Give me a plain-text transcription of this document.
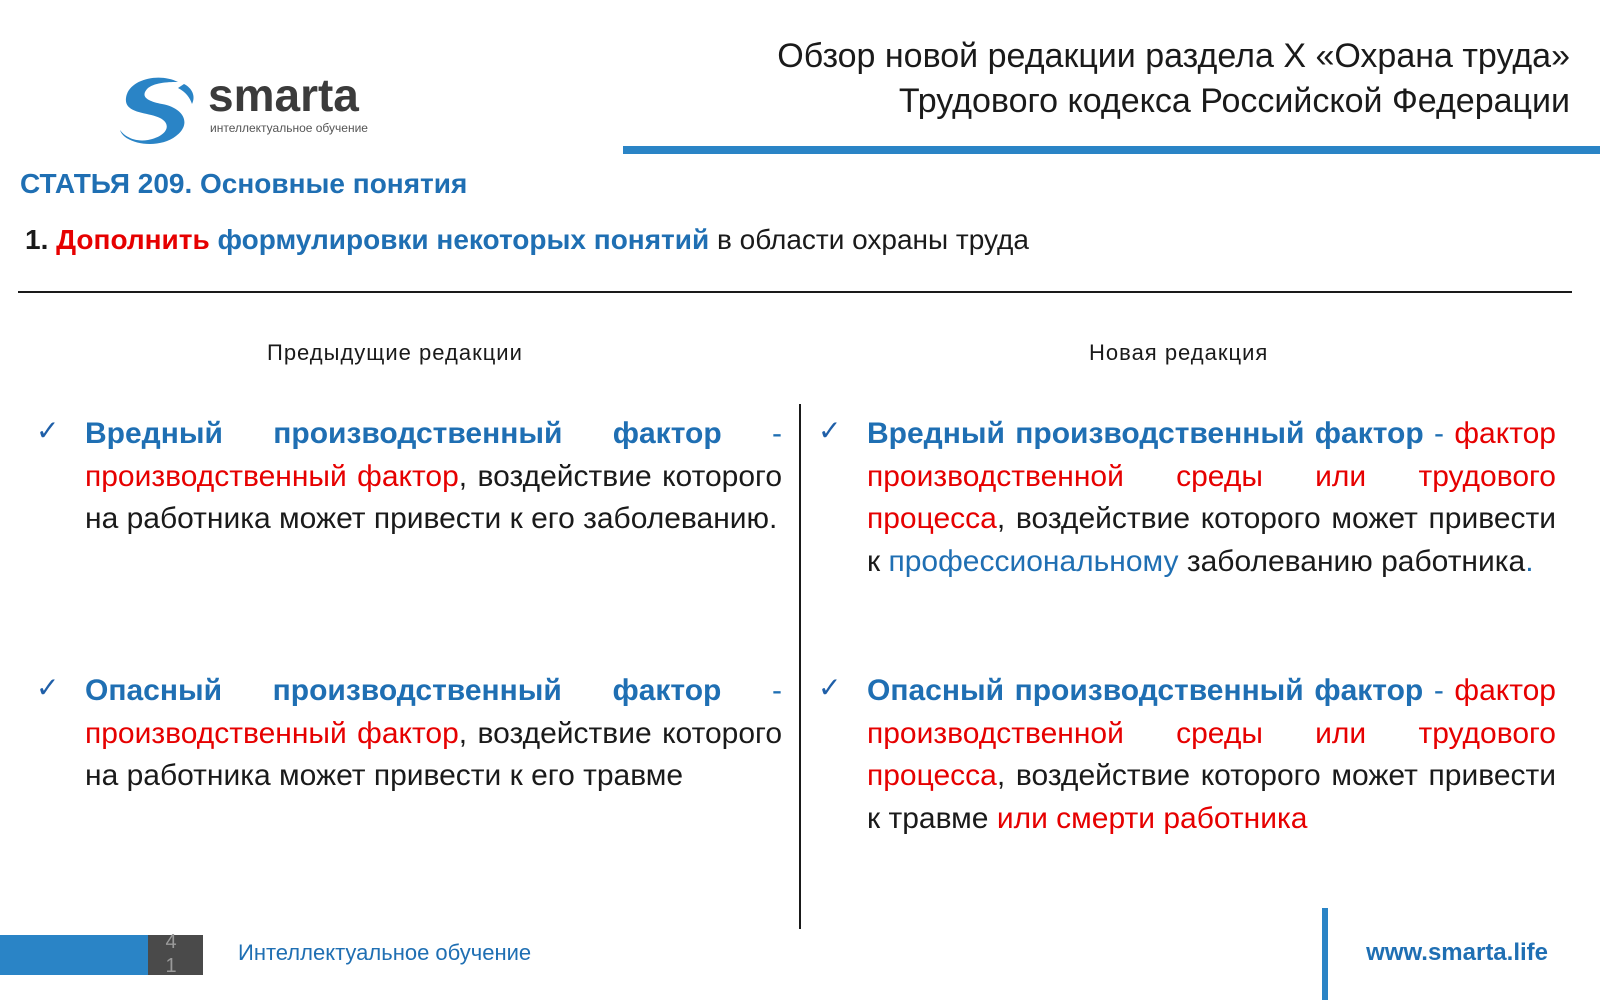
smarta
интеллектуальное обучение
Обзор новой редакции раздела X «Охрана труда»
Трудового кодекса Российской Федерации
СТАТЬЯ 209. Основные понятия
1. Дополнить формулировки некоторых понятий в области охраны труда
Предыдущие редакции	Новая редакция
✓ Вредный производственный фактор - производственный фактор, воздействие которого на работника может привести к его заболеванию.
✓ Опасный производственный фактор - производственный фактор, воздействие которого на работника может привести к его травме
✓ Вредный производственный фактор - фактор производственной среды или трудового процесса, воздействие которого может привести к профессиональному заболеванию работника.
✓ Опасный производственный фактор - фактор производственной среды или трудового процесса, воздействие которого может привести к травме или смерти работника
41
Интеллектуальное обучение	www.smarta.life
